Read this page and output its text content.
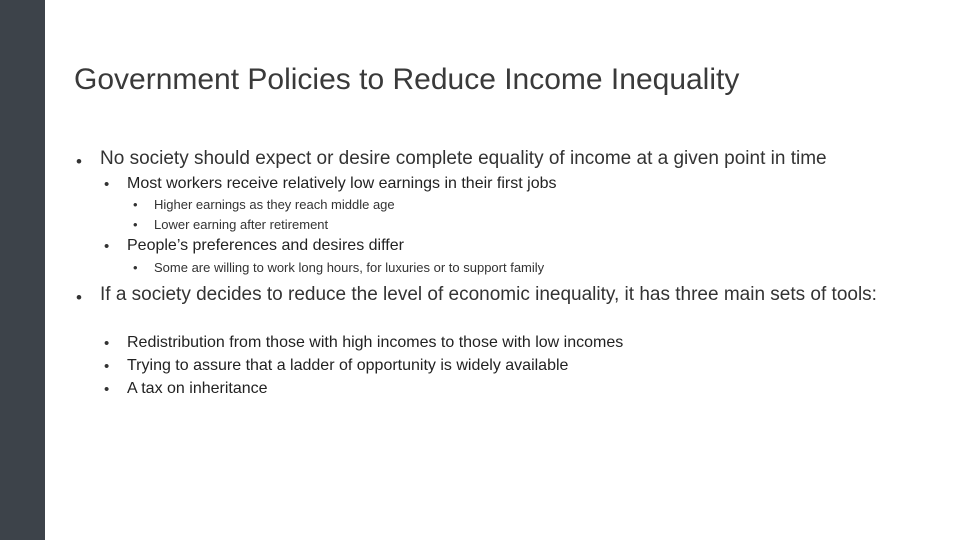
Government Policies to Reduce Income Inequality
• No society should expect or desire complete equality of income at a given point in time
• Most workers receive relatively low earnings in their first jobs
• Higher earnings as they reach middle age
• Lower earning after retirement
• People’s preferences and desires differ
• Some are willing to work long hours, for luxuries or to support family
• If a society decides to reduce the level of economic inequality, it has three main sets of tools:
• Redistribution from those with high incomes to those with low incomes
• Trying to assure that a ladder of opportunity is widely available
• A tax on inheritance
